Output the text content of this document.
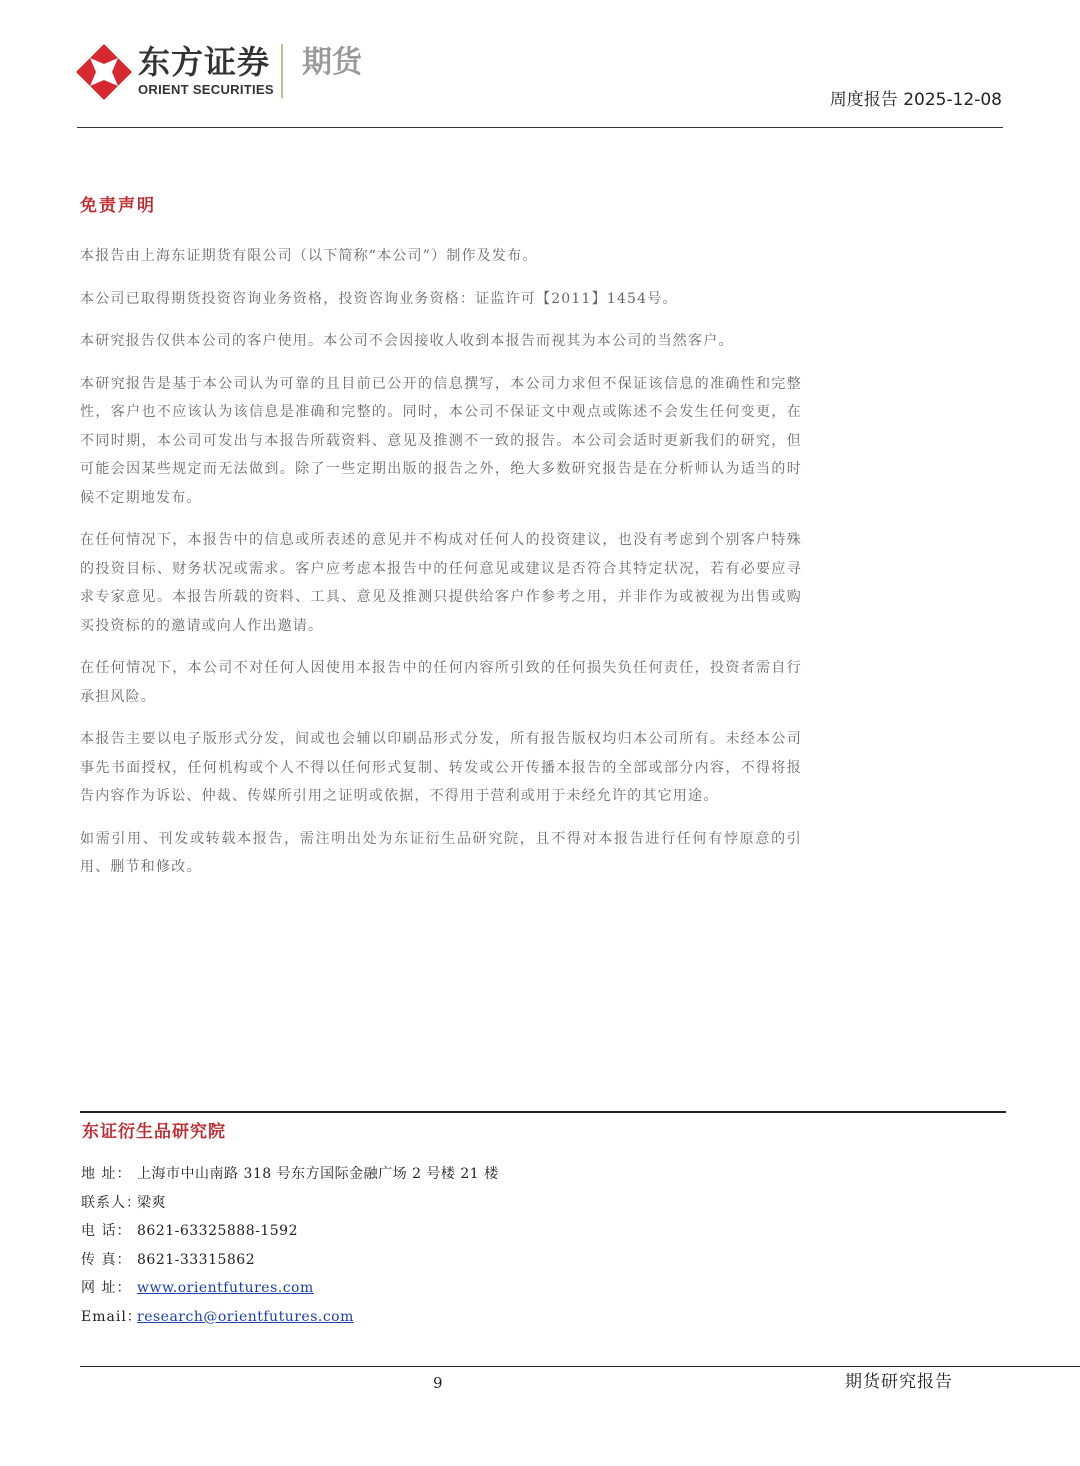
东方证券
ORIENT SECURITIES
期货
周度报告 2025-12-08
免责声明

本报告由上海东证期货有限公司（以下简称“本公司”）制作及发布。

本公司已取得期货投资咨询业务资格，投资咨询业务资格：证监许可【2011】1454号。

本研究报告仅供本公司的客户使用。本公司不会因接收人收到本报告而视其为本公司的当然客户。

本研究报告是基于本公司认为可靠的且目前已公开的信息撰写，本公司力求但不保证该信息的准确性和完整性，客户也不应该认为该信息是准确和完整的。同时，本公司不保证文中观点或陈述不会发生任何变更，在不同时期，本公司可发出与本报告所载资料、意见及推测不一致的报告。本公司会适时更新我们的研究，但可能会因某些规定而无法做到。除了一些定期出版的报告之外，绝大多数研究报告是在分析师认为适当的时候不定期地发布。

在任何情况下，本报告中的信息或所表述的意见并不构成对任何人的投资建议，也没有考虑到个别客户特殊的投资目标、财务状况或需求。客户应考虑本报告中的任何意见或建议是否符合其特定状况，若有必要应寻求专家意见。本报告所载的资料、工具、意见及推测只提供给客户作参考之用，并非作为或被视为出售或购买投资标的的邀请或向人作出邀请。

在任何情况下，本公司不对任何人因使用本报告中的任何内容所引致的任何损失负任何责任，投资者需自行承担风险。

本报告主要以电子版形式分发，间或也会辅以印刷品形式分发，所有报告版权均归本公司所有。未经本公司事先书面授权，任何机构或个人不得以任何形式复制、转发或公开传播本报告的全部或部分内容，不得将报告内容作为诉讼、仲裁、传媒所引用之证明或依据，不得用于营利或用于未经允许的其它用途。

如需引用、刊发或转载本报告，需注明出处为东证衍生品研究院，且不得对本报告进行任何有悖原意的引用、删节和修改。

东证衍生品研究院
地 址： 上海市中山南路 318 号东方国际金融广场 2 号楼 21 楼
联系人：梁爽
电 话： 8621-63325888-1592
传 真： 8621-33315862
网 址： www.orientfutures.com
Email：research@orientfutures.com
9	期货研究报告
